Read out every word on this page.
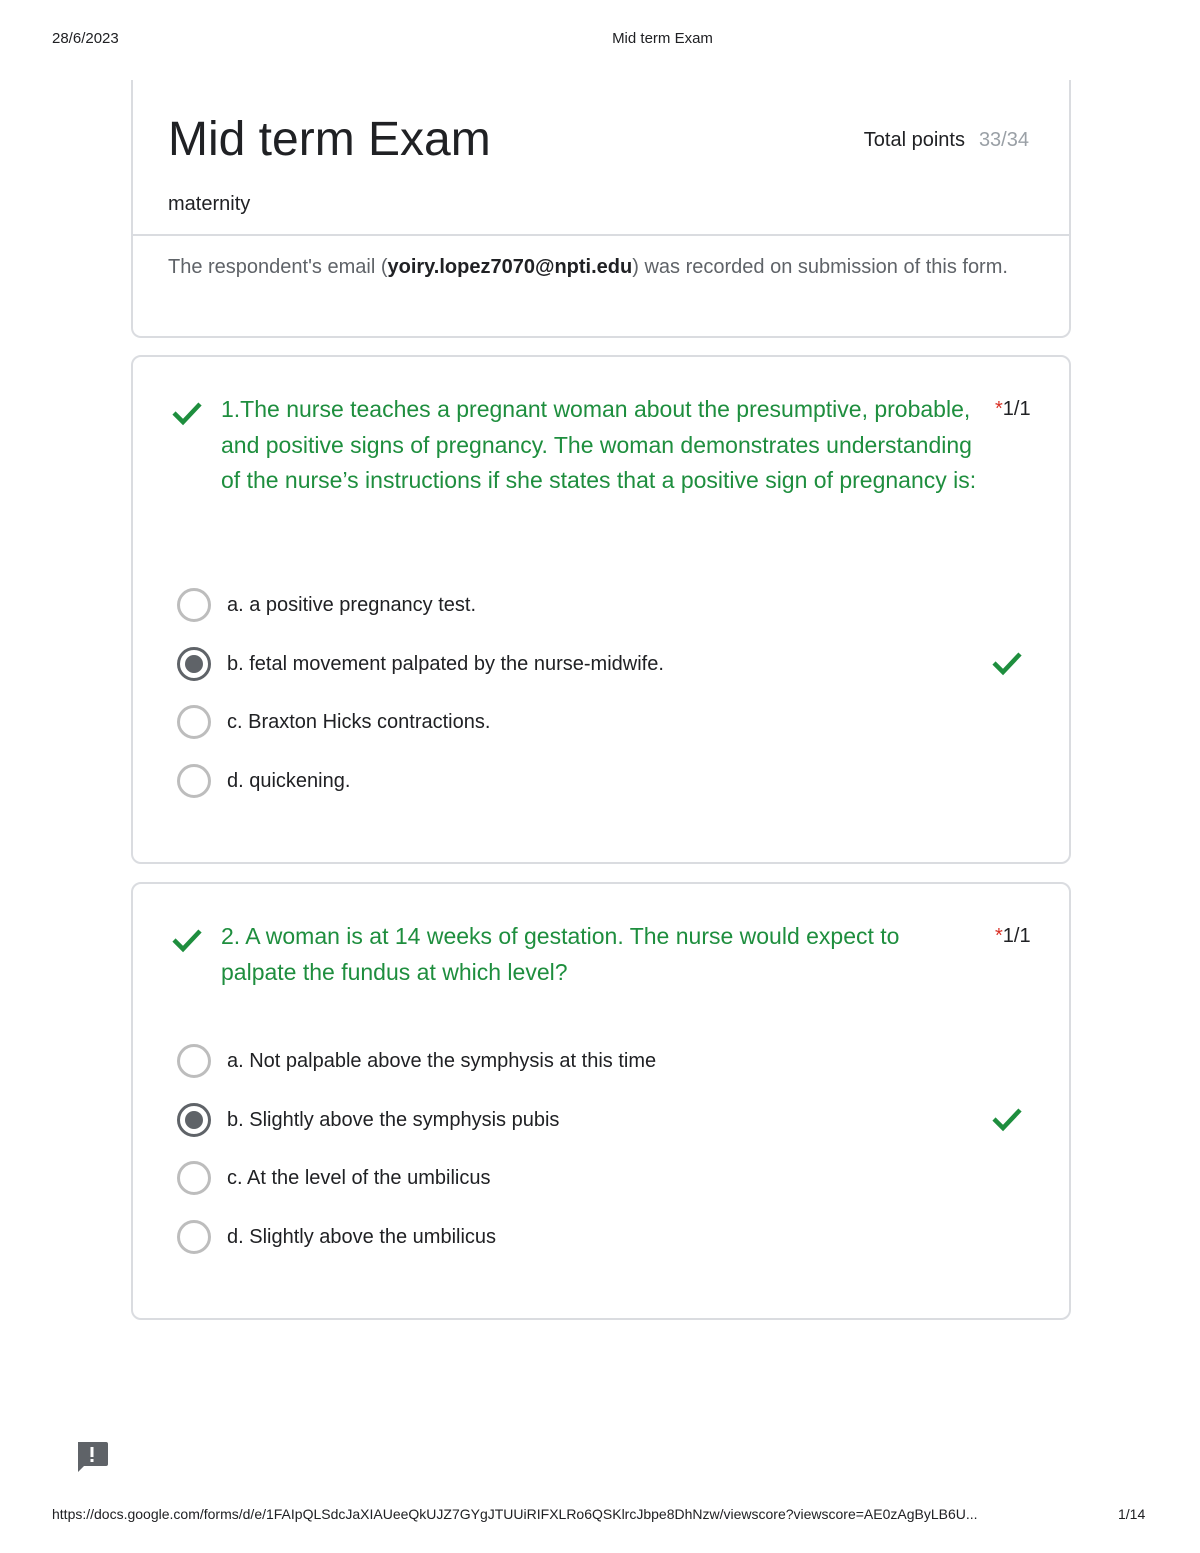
28/6/2023	Mid term Exam
Mid term Exam	Total points 33/34
maternity
The respondent's email (yoiry.lopez7070@npti.edu) was recorded on submission of this form.
1.The nurse teaches a pregnant woman about the presumptive, probable, and positive signs of pregnancy. The woman demonstrates understanding of the nurse’s instructions if she states that a positive sign of pregnancy is:
*1/1
a. a positive pregnancy test.
b. fetal movement palpated by the nurse-midwife.
c. Braxton Hicks contractions.
d. quickening.
2. A woman is at 14 weeks of gestation. The nurse would expect to palpate the fundus at which level?
*1/1
a. Not palpable above the symphysis at this time
b. Slightly above the symphysis pubis
c. At the level of the umbilicus
d. Slightly above the umbilicus
https://docs.google.com/forms/d/e/1FAIpQLSdcJaXIAUeeQkUJZ7GYgJTUUiRIFXLRo6QSKlrcJbpe8DhNzw/viewscore?viewscore=AE0zAgByLB6U...	1/14
